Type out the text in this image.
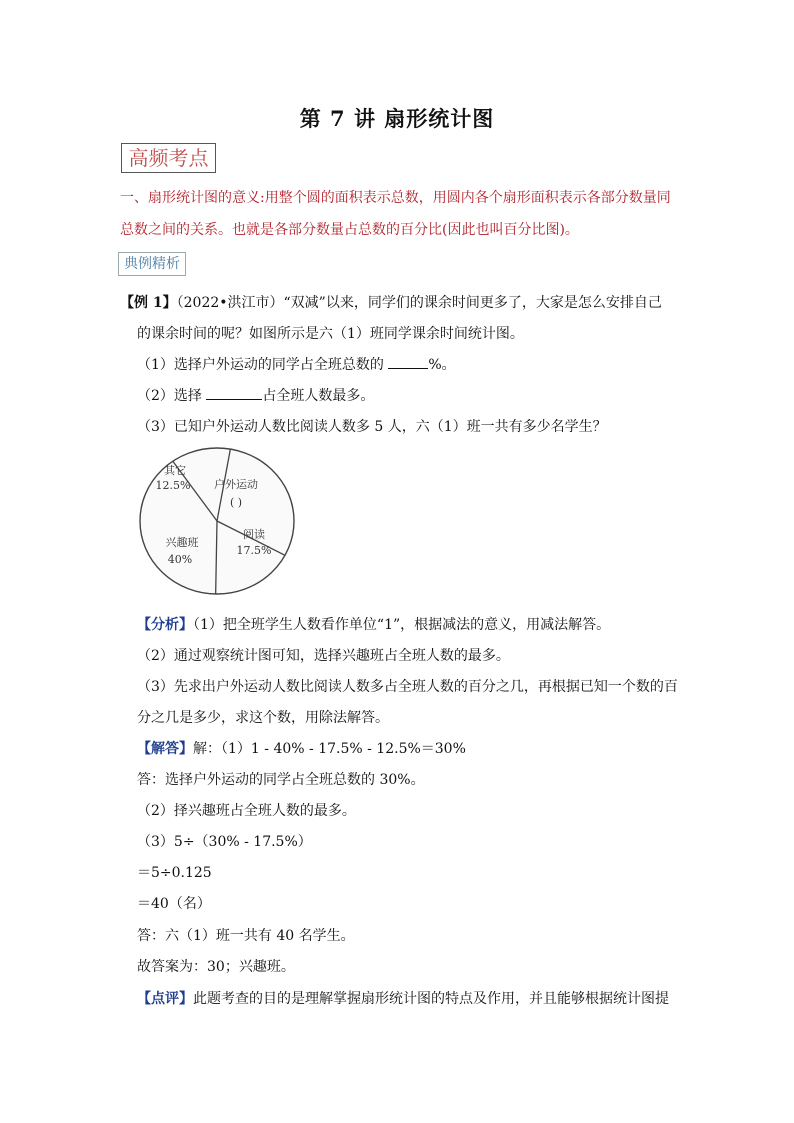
第 7 讲 扇形统计图
高频考点
一、扇形统计图的意义:用整个圆的面积表示总数，用圆内各个扇形面积表示各部分数量同
总数之间的关系。也就是各部分数量占总数的百分比(因此也叫百分比图)。
典例精析
【例 1】（2022•洪江市）“双减”以来，同学们的课余时间更多了，大家是怎么安排自己
的课余时间的呢？如图所示是六（1）班同学课余时间统计图。
（1）选择户外运动的同学占全班总数的	%。
（2）选择	占全班人数最多。
（3）已知户外运动人数比阅读人数多 5 人，六（1）班一共有多少名学生？
其它
12.5% 户外运动
( )
阅读
17.5%
兴趣班
40%
【分析】（1）把全班学生人数看作单位“1”，根据减法的意义，用减法解答。
（2）通过观察统计图可知，选择兴趣班占全班人数的最多。
（3）先求出户外运动人数比阅读人数多占全班人数的百分之几，再根据已知一个数的百
分之几是多少，求这个数，用除法解答。
【解答】解：（1）1 - 40% - 17.5% - 12.5%＝30%
答：选择户外运动的同学占全班总数的 30%。
（2）择兴趣班占全班人数的最多。
（3）5÷（30% - 17.5%）
＝5÷0.125
＝40（名）
答：六（1）班一共有 40 名学生。
故答案为：30；兴趣班。
【点评】此题考查的目的是理解掌握扇形统计图的特点及作用，并且能够根据统计图提
